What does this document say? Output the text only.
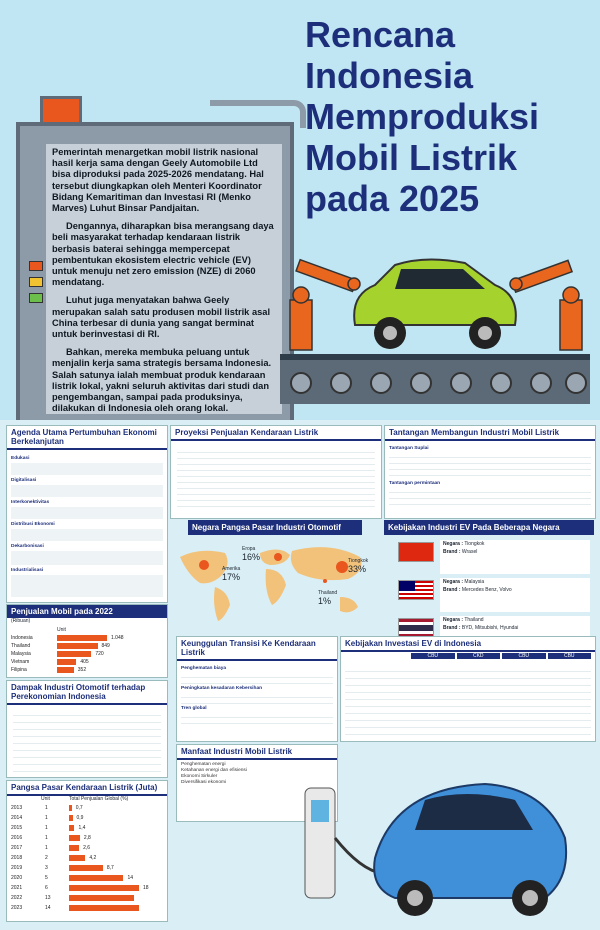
Rencana
Indonesia
Memproduksi
Mobil Listrik
pada 2025

Pemerintah menargetkan mobil listrik nasional hasil kerja sama dengan Geely Automobile Ltd bisa diproduksi pada 2025-2026 mendatang. Hal tersebut diungkapkan oleh Menteri Koordinator Bidang Kemaritiman dan Investasi RI (Menko Marves) Luhut Binsar Pandjaitan.

Dengannya, diharapkan bisa merangsang daya beli masyarakat terhadap kendaraan listrik berbasis baterai sehingga mempercepat pembentukan ekosistem electric vehicle (EV) untuk menuju net zero emission (NZE) di 2060 mendatang.

Luhut juga menyatakan bahwa Geely merupakan salah satu produsen mobil listrik asal China terbesar di dunia yang sangat berminat untuk berinvestasi di RI.

Bahkan, mereka membuka peluang untuk menjalin kerja sama strategis bersama Indonesia. Salah satunya ialah membuat produk kendaraan listrik lokal, yakni seluruh aktivitas dari studi dan pengembangan, sampai pada produksinya, dilakukan di Indonesia oleh orang lokal.

Agenda Utama Pertumbuhan Ekonomi Berkelanjutan
Edukasi
Digitalisasi
Interkonektivitas
Distribusi Ekonomi
Dekarbonisasi
Industrialisasi
Proyeksi Penjualan Kendaraan Listrik	Tantangan Membangun Industri Mobil Listrik
Tantangan Suplai
Tantangan permintaan
Negara Pangsa Pasar Industri Otomotif
Eropa
16%
Amerika
17%
Tiongkok
33%
Thailand
1%
Kebijakan Industri EV Pada Beberapa Negara
Negara : Tiongkok
Brand : Wrasel
Negara : Malaysia
Brand : Mercedes Benz, Volvo
Negara : Thailand
Brand : BYD, Mitsubishi, Hyundai
Penjualan Mobil pada 2022
(Ribuan)
Unit
Indonesia	1.048
Thailand	849
Malaysia	720
Vietnam	405
Filipina	352
Dampak Industri Otomotif terhadap Perekonomian Indonesia
Pangsa Pasar Kendaraan Listrik (Juta)
Unit	Total Penjualan Global (%)
2013	1	0,7
2014	1	0,9
2015	1	1,4
2016	1	2,8
2017	1	2,6
2018	2	4,2
2019	3	8,7
2020	5	14
2021	6	18
2022	13
2023	14
Keunggulan Transisi Ke Kendaraan Listrik
Penghematan biaya
Peningkatan kesadaran Kebersihan
Tren global
Kebijakan Investasi EV di Indonesia
CBU	CKD	CBU	CBU
Manfaat Industri Mobil Listrik
Penghematan energi
Ketahanan energi dan efisiensi
Ekonomi Sirkuler
Diversifikasi ekonomi
